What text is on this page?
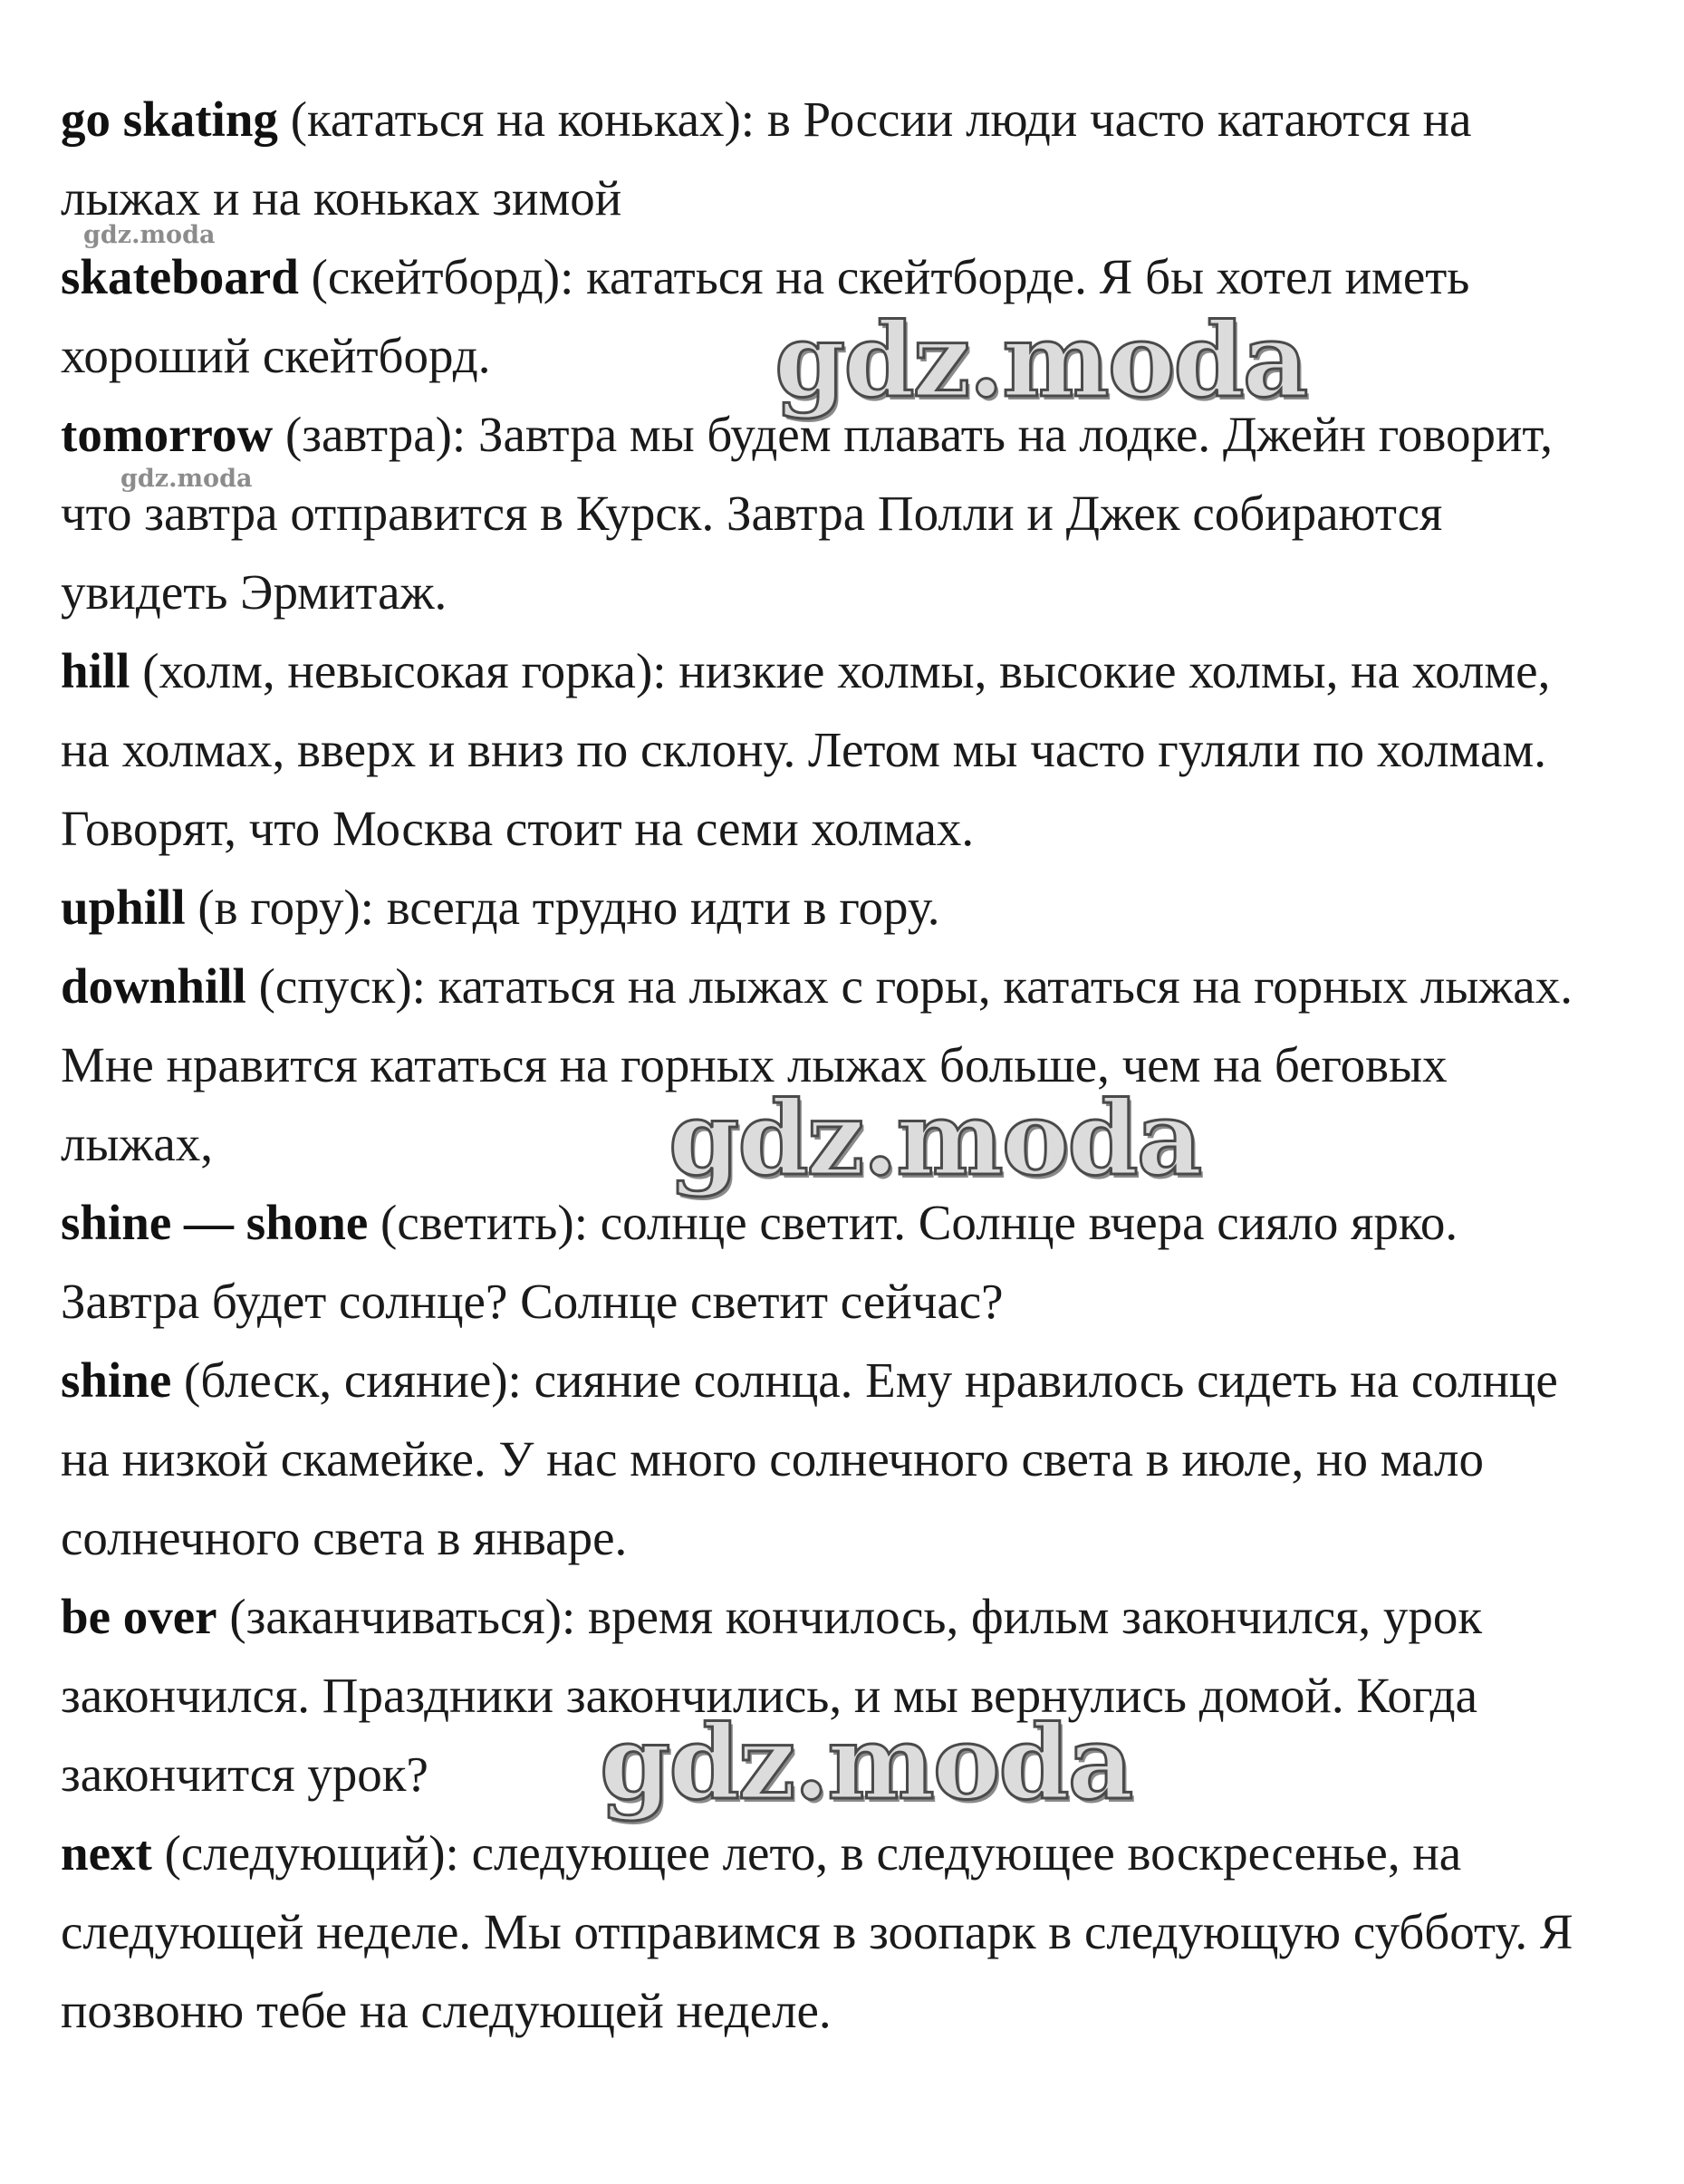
go skating (кататься на коньках): в России люди часто катаются на лыжах и на коньках зимой

skateboard (скейтборд): кататься на скейтборде. Я бы хотел иметь хороший скейтборд.

tomorrow (завтра): Завтра мы будем плавать на лодке. Джейн говорит, что завтра отправится в Курск. Завтра Полли и Джек собираются увидеть Эрмитаж.

hill (холм, невысокая горка): низкие холмы, высокие холмы, на холме, на холмах, вверх и вниз по склону. Летом мы часто гуляли по холмам. Говорят, что Москва стоит на семи холмах.

uphill (в гору): всегда трудно идти в гору.

downhill (спуск): кататься на лыжах с горы, кататься на горных лыжах. Мне нравится кататься на горных лыжах больше, чем на беговых лыжах,

shine — shone (светить): солнце светит. Солнце вчера сияло ярко. Завтра будет солнце? Солнце светит сейчас?

shine (блеск, сияние): сияние солнца. Ему нравилось сидеть на солнце на низкой скамейке. У нас много солнечного света в июле, но мало солнечного света в январе.

be over (заканчиваться): время кончилось, фильм закончился, урок закончился. Праздники закончились, и мы вернулись домой. Когда закончится урок?

next (следующий): следующее лето, в следующее воскресенье, на следующей неделе. Мы отправимся в зоопарк в следующую субботу. Я позвоню тебе на следующей неделе.

gdz.moda
gdz.moda
gdz.moda
gdz.moda
gdz.moda
